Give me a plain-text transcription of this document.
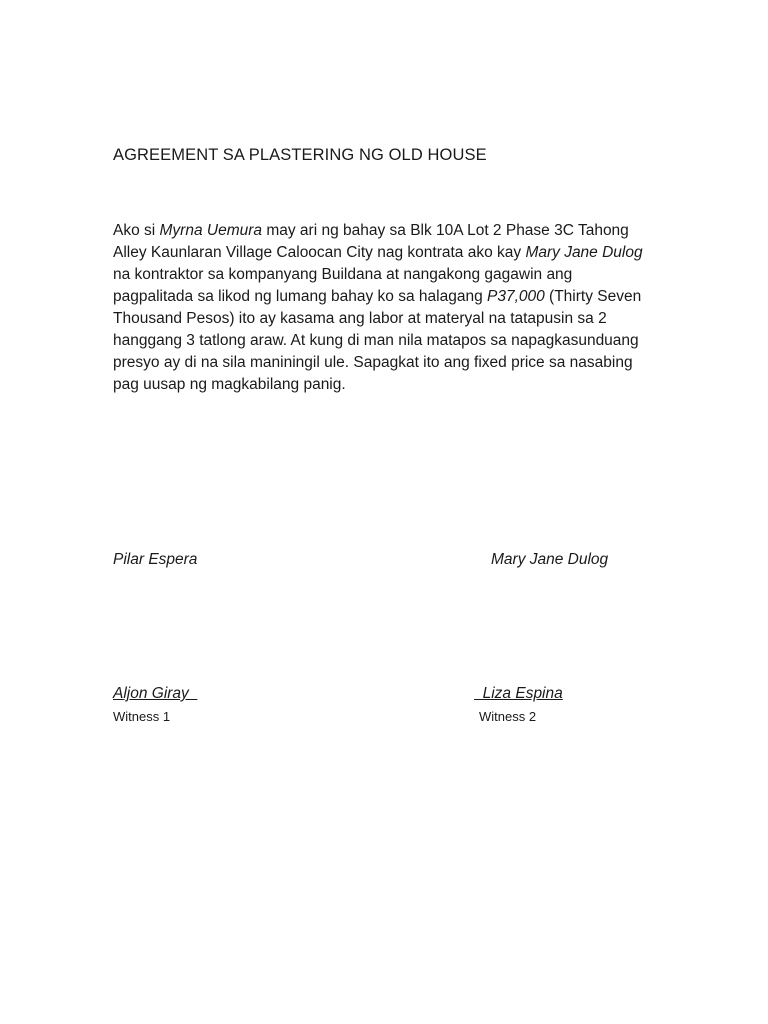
AGREEMENT SA PLASTERING NG OLD HOUSE

Ako si Myrna Uemura may ari ng bahay sa Blk 10A Lot 2 Phase 3C Tahong
Alley Kaunlaran Village Caloocan City nag kontrata ako kay Mary Jane Dulog
na kontraktor sa kompanyang Buildana at nangakong gagawin ang
pagpalitada sa likod ng lumang bahay ko sa halagang P37,000 (Thirty Seven
Thousand Pesos) ito ay kasama ang labor at materyal na tatapusin sa 2
hanggang 3 tatlong araw. At kung di man nila matapos sa napagkasunduang
presyo ay di na sila maniningil ule. Sapagkat ito ang fixed price sa nasabing
pag uusap ng magkabilang panig.

Pilar Espera	Mary Jane Dulog
Aljon Giray
Witness 1
Liza Espina
Witness 2
